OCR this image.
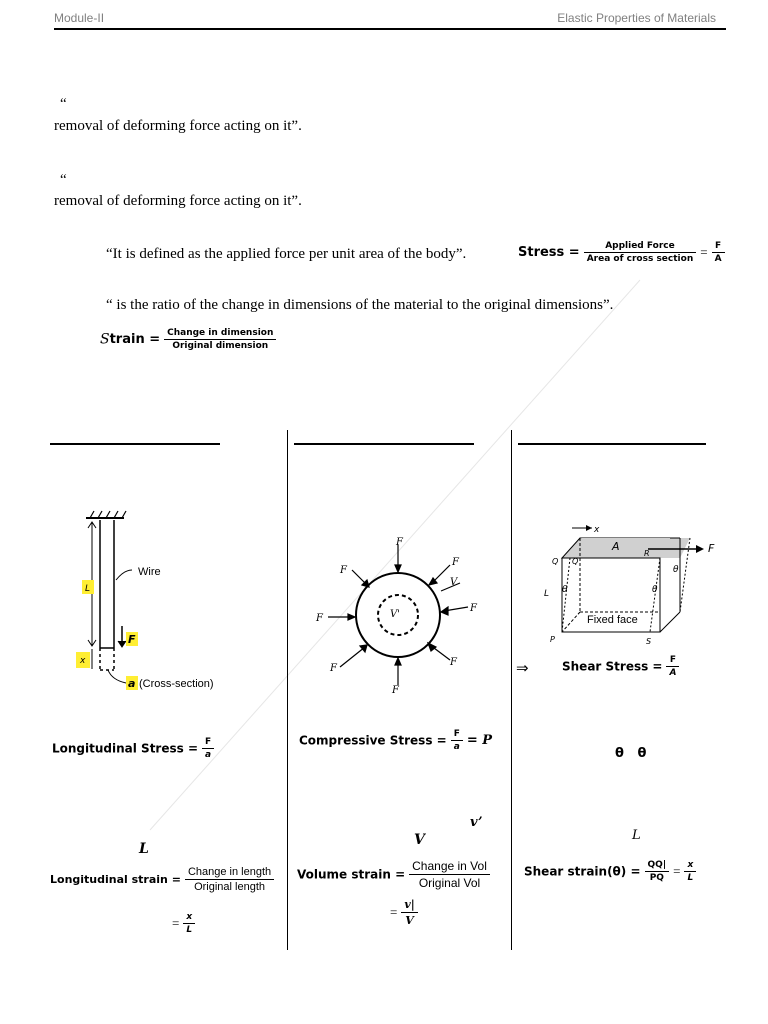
Module-II	Elastic Properties of Materials
“
removal of deforming force acting on it”.
“
removal of deforming force acting on it”.
“It is defined as the applied force per unit area of the body”.	Stress = $\frac{\text{Applied Force}}{\text{Area of cross section}} = \frac{F}{A}$
“ is the ratio of the change in dimensions of the material to the original dimensions”.
Strain = $\frac{\text{Change in dimension}}{\text{Original dimension}}$
L
Wire
F
x
a (Cross-section)
V'
F
F
F
V
F
F
F
F
F
x
A	F
Q Q
R
L θ	θ
θ
P	S
Fixed face
⇒	Shear Stress = $\frac{F}{A}$
Longitudinal Stress = $\frac{F}{a}$	Compressive Stress = $\frac{F}{a} = P$
θ   θ
v’
V
L
L
Longitudinal strain = $\frac{\text{Change in length}}{\text{Original length}}$
= $\frac{x}{L}$
Volume strain = $\frac{\text{Change in Vol}}{\text{Original Vol}}$
= $\frac{v|}{V}$
Shear strain(θ) = $\frac{QQ|}{PQ} = \frac{x}{L}$
